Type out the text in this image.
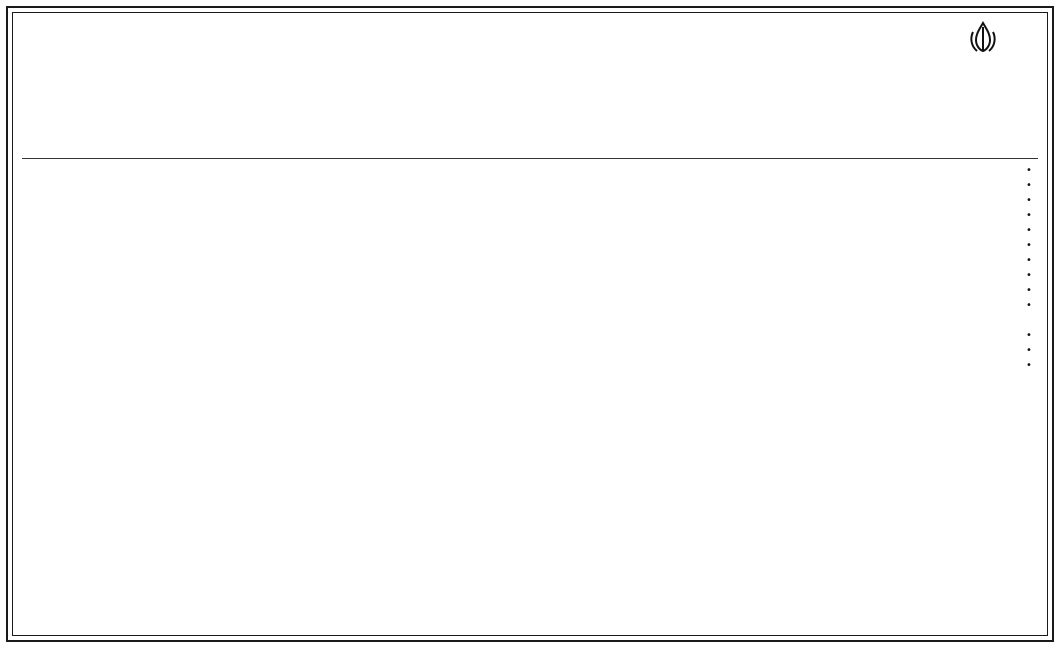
•
•
•
•
•
•
•
•
•
•
•
•
•
